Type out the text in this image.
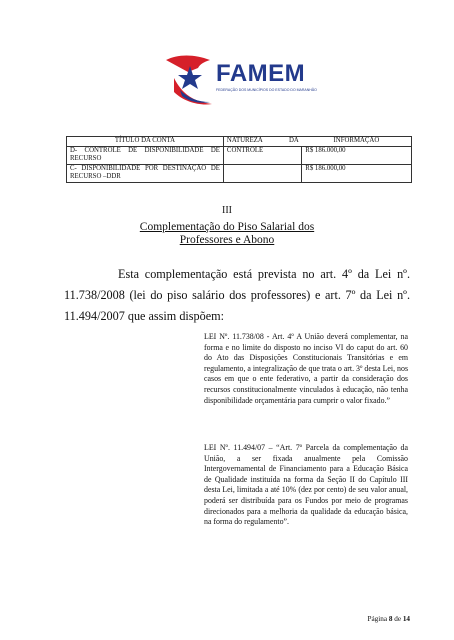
FAMEM
FEDERAÇÃO DOS MUNICÍPIOS DO ESTADO DO MARANHÃO
TÍTULO DA CONTA	NATUREZA DA	INFORMAÇÃO

D- CONTROLE DE DISPONIBILIDADE DE
RECURSO	CONTROLE	R$ 186.000,00

C- DISPONIBILIDADE POR DESTINAÇÃO DE
RECURSO –DDR		R$ 186.000,00
III
Complementação do Piso Salarial dos
Professores e Abono
Esta complementação está prevista no art. 4º da Lei nº. 11.738/2008 (lei do piso salário dos professores) e art. 7º da Lei nº. 11.494/2007 que assim dispõem:
LEI Nº. 11.738/08 - Art. 4º A União deverá complementar, na forma e no limite do disposto no inciso VI do caput do art. 60 do Ato das Disposições Constitucionais Transitórias e em regulamento, a integralização de que trata o art. 3º desta Lei, nos casos em que o ente federativo, a partir da consideração dos recursos constitucionalmente vinculados à educação, não tenha disponibilidade orçamentária para cumprir o valor fixado.”
LEI Nº. 11.494/07 – “Art. 7º Parcela da complementação da União, a ser fixada anualmente pela Comissão Intergovernamental de Financiamento para a Educação Básica de Qualidade instituída na forma da Seção II do Capítulo III desta Lei, limitada a até 10% (dez por cento) de seu valor anual, poderá ser distribuída para os Fundos por meio de programas direcionados para a melhoria da qualidade da educação básica, na forma do regulamento”.
Página 8 de 14
